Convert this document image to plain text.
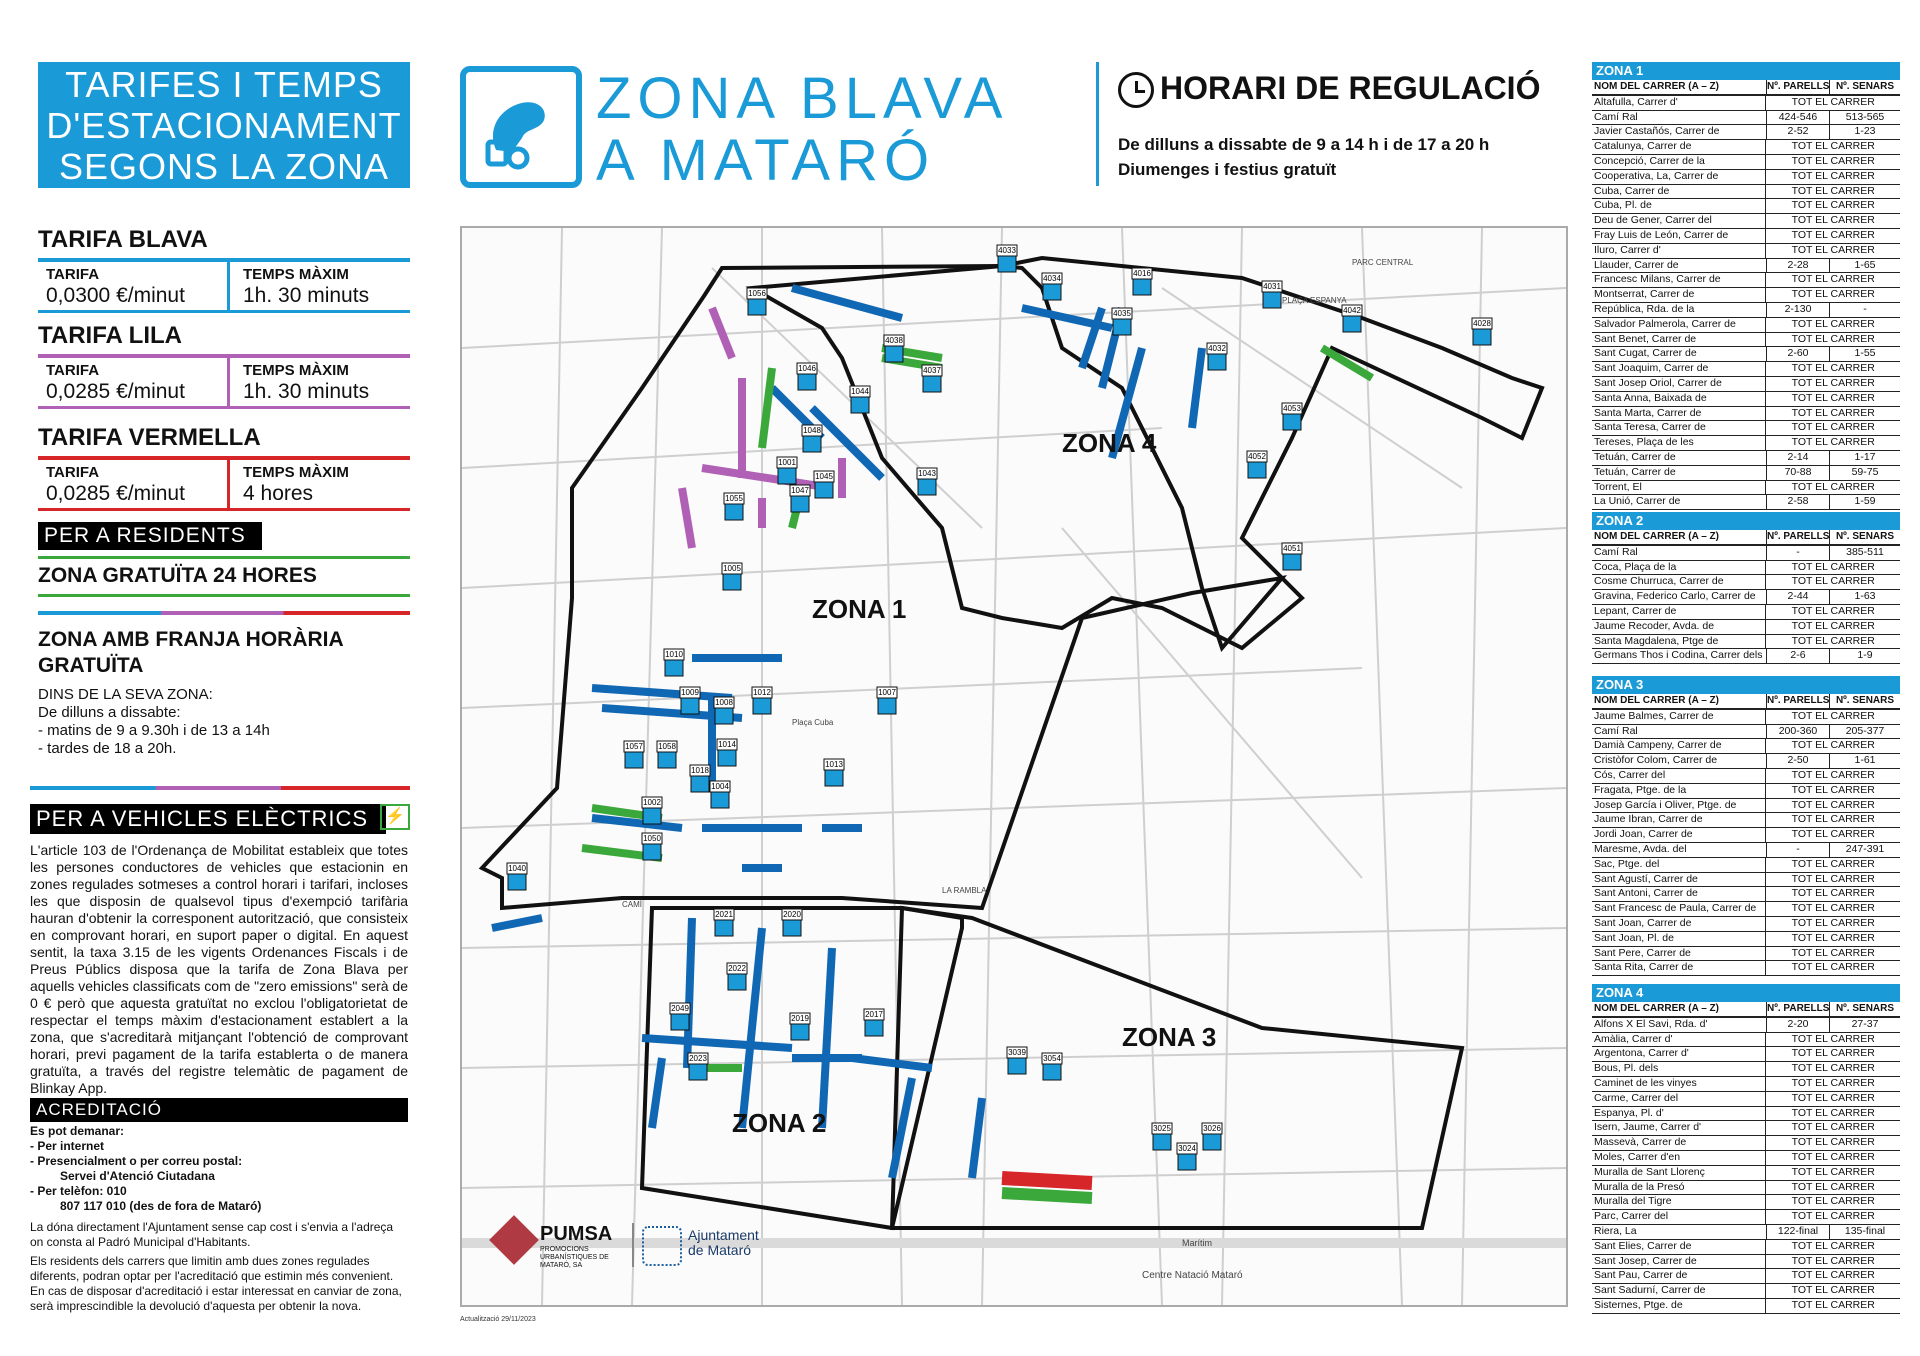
TARIFES I TEMPS
D'ESTACIONAMENT
SEGONS LA ZONA
TARIFA BLAVA
TARIFA	TEMPS MÀXIM
0,0300 €/minut	1h. 30 minuts
TARIFA LILA
TARIFA	TEMPS MÀXIM
0,0285 €/minut	1h. 30 minuts
TARIFA VERMELLA
TARIFA	TEMPS MÀXIM
0,0285 €/minut	4 hores
PER A RESIDENTS
ZONA GRATUÏTA 24 HORES
ZONA AMB FRANJA HORÀRIA
GRATUÏTA
DINS DE LA SEVA ZONA:
De dilluns a dissabte:
- matins de 9 a 9.30h i de 13 a 14h
- tardes de 18 a 20h.
PER A VEHICLES ELÈCTRICS	⚡
L'article 103 de l'Ordenança de Mobilitat estableix que totes les persones conductores de vehicles que estacionin en zones regulades sotmeses a control horari i tarifari, incloses les que disposin de qualsevol tipus d'exempció tarifària hauran d'obtenir la corresponent autorització, que consisteix en comprovant horari, en suport paper o digital. En aquest sentit, la taxa 3.15 de les vigents Ordenances Fiscals i de Preus Públics disposa que la tarifa de Zona Blava per aquells vehicles classificats com de "zero emissions" serà de 0 € però que aquesta gratuïtat no exclou l'obligatorietat de respectar el temps màxim d'estacionament establert a la zona, que s'acreditarà mitjançant l'obtenció de comprovant horari, previ pagament de la tarifa establerta o de manera gratuïta, a través del registre telemàtic de pagament de Blinkay App.
ACREDITACIÓ
Es pot demanar:
- Per internet
- Presencialment o per correu postal:
Servei d'Atenció Ciutadana
- Per telèfon: 010
807 117 010 (des de fora de Mataró)
La dóna directament l'Ajuntament sense cap cost i s'envia a l'adreça on consta al Padró Municipal d'Habitants.
Els residents dels carrers que limitin amb dues zones regulades diferents, podran optar per l'acreditació que estimin més convenient. En cas de disposar d'acreditació i estar interessat en canviar de zona, serà imprescindible la devolució d'aquesta per obtenir la nova.
ZONA BLAVA
A MATARÓ
HORARI DE REGULACIÓ
De dilluns a dissabte de 9 a 14 h i de 17 a 20 h
Diumenges i festius gratuït
4033
4034
4016
4035
4031
4042
4028
4038
4037
4032
4053
4052
4051
1056
1046
1044
1048
1001
1045
1047
1043
1055
1005
1010
1009
1008
1012	1007
1057 1058	1014
1018
1013
1004
1002
1050
1040
2021	2020
2022
2049
2019	2017
2023
3039
3054
3025	3026
3024
ZONA 4
ZONA 1
ZONA 3
ZONA 2
PARC CENTRAL
PLAÇA ESPANYA
Plaça Cuba
LA RAMBLA
CAMÍ
Centre Natació Mataró
Marítim
PUMSA
PROMOCIONS URBANÍSTIQUES DE MATARÓ, SA
Ajuntament de Mataró
Actualització 29/11/2023
ZONA 1
NOM DEL CARRER (A – Z)	Nº. PARELLS Nº. SENARS
Altafulla, Carrer d'	TOT EL CARRER
Camí Ral	424-546	513-565
Javier Castañós, Carrer de	2-52	1-23
Catalunya, Carrer de	TOT EL CARRER
Concepció, Carrer de la	TOT EL CARRER
Cooperativa, La, Carrer de	TOT EL CARRER
Cuba, Carrer de	TOT EL CARRER
Cuba, Pl. de	TOT EL CARRER
Deu de Gener, Carrer del	TOT EL CARRER
Fray Luis de León, Carrer de	TOT EL CARRER
Iluro, Carrer d'	TOT EL CARRER
Llauder, Carrer de	2-28	1-65
Francesc Milans, Carrer de	TOT EL CARRER
Montserrat, Carrer de	TOT EL CARRER
República, Rda. de la	2-130	-
Salvador Palmerola, Carrer de	TOT EL CARRER
Sant Benet, Carrer de	TOT EL CARRER
Sant Cugat, Carrer de	2-60	1-55
Sant Joaquim, Carrer de	TOT EL CARRER
Sant Josep Oriol, Carrer de	TOT EL CARRER
Santa Anna, Baixada de	TOT EL CARRER
Santa Marta, Carrer de	TOT EL CARRER
Santa Teresa, Carrer de	TOT EL CARRER
Tereses, Plaça de les	TOT EL CARRER
Tetuán, Carrer de	2-14	1-17
Tetuán, Carrer de	70-88	59-75
Torrent, El	TOT EL CARRER
La Unió, Carrer de	2-58	1-59
ZONA 2
NOM DEL CARRER (A – Z)	Nº. PARELLS Nº. SENARS
Camí Ral	-	385-511
Coca, Plaça de la	TOT EL CARRER
Cosme Churruca, Carrer de	TOT EL CARRER
Gravina, Federico Carlo, Carrer de	2-44	1-63
Lepant, Carrer de	TOT EL CARRER
Jaume Recoder, Avda. de	TOT EL CARRER
Santa Magdalena, Ptge de	TOT EL CARRER
Germans Thos i Codina, Carrer dels	2-6	1-9
ZONA 3
NOM DEL CARRER (A – Z)	Nº. PARELLS Nº. SENARS
Jaume Balmes, Carrer de	TOT EL CARRER
Camí Ral	200-360	205-377
Damià Campeny, Carrer de	TOT EL CARRER
Cristòfor Colom, Carrer de	2-50	1-61
Cós, Carrer del	TOT EL CARRER
Fragata, Ptge. de la	TOT EL CARRER
Josep García i Oliver, Ptge. de	TOT EL CARRER
Jaume Ibran, Carrer de	TOT EL CARRER
Jordi Joan, Carrer de	TOT EL CARRER
Maresme, Avda. del	-	247-391
Sac, Ptge. del	TOT EL CARRER
Sant Agustí, Carrer de	TOT EL CARRER
Sant Antoni, Carrer de	TOT EL CARRER
Sant Francesc de Paula, Carrer de	TOT EL CARRER
Sant Joan, Carrer de	TOT EL CARRER
Sant Joan, Pl. de	TOT EL CARRER
Sant Pere, Carrer de	TOT EL CARRER
Santa Rita, Carrer de	TOT EL CARRER
ZONA 4
NOM DEL CARRER (A – Z)	Nº. PARELLS Nº. SENARS
Alfons X El Savi, Rda. d'	2-20	27-37
Amàlia, Carrer d'	TOT EL CARRER
Argentona, Carrer d'	TOT EL CARRER
Bous, Pl. dels	TOT EL CARRER
Caminet de les vinyes	TOT EL CARRER
Carme, Carrer del	TOT EL CARRER
Espanya, Pl. d'	TOT EL CARRER
Isern, Jaume, Carrer d'	TOT EL CARRER
Massevà, Carrer de	TOT EL CARRER
Moles, Carrer d'en	TOT EL CARRER
Muralla de Sant Llorenç	TOT EL CARRER
Muralla de la Presó	TOT EL CARRER
Muralla del Tigre	TOT EL CARRER
Parc, Carrer del	TOT EL CARRER
Riera, La	122-final	135-final
Sant Elies, Carrer de	TOT EL CARRER
Sant Josep, Carrer de	TOT EL CARRER
Sant Pau, Carrer de	TOT EL CARRER
Sant Sadurní, Carrer de	TOT EL CARRER
Sisternes, Ptge. de	TOT EL CARRER
